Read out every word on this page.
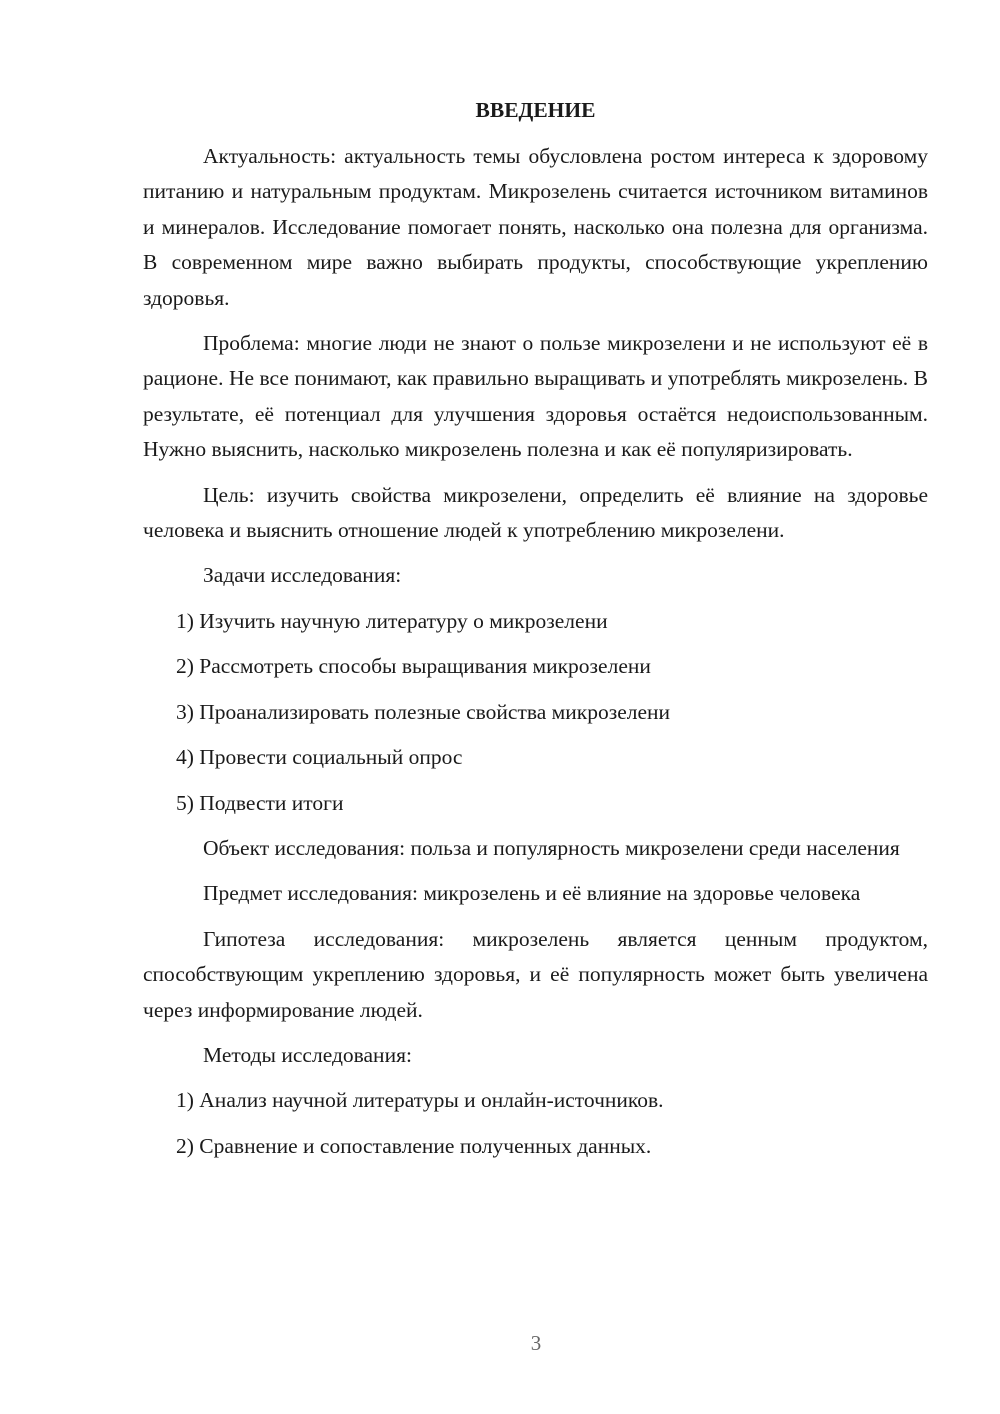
ВВЕДЕНИЕ

Актуальность: актуальность темы обусловлена ростом интереса к здоровому питанию и натуральным продуктам. Микрозелень считается источником витаминов и минералов. Исследование помогает понять, насколько она полезна для организма. В современном мире важно выбирать продукты, способствующие укреплению здоровья.

Проблема: многие люди не знают о пользе микрозелени и не используют её в рационе. Не все понимают, как правильно выращивать и употреблять микрозелень. В результате, её потенциал для улучшения здоровья остаётся недоиспользованным. Нужно выяснить, насколько микрозелень полезна и как её популяризировать.

Цель: изучить свойства микрозелени, определить её влияние на здоровье человека и выяснить отношение людей к употреблению микрозелени.

Задачи исследования:
1) Изучить научную литературу о микрозелени
2) Рассмотреть способы выращивания микрозелени
3) Проанализировать полезные свойства микрозелени
4) Провести социальный опрос
5) Подвести итоги

Объект исследования: польза и популярность микрозелени среди населения

Предмет исследования: микрозелень и её влияние на здоровье человека

Гипотеза исследования: микрозелень является ценным продуктом, способствующим укреплению здоровья, и её популярность может быть увеличена через информирование людей.

Методы исследования:
1) Анализ научной литературы и онлайн-источников.
2) Сравнение и сопоставление полученных данных.
3
